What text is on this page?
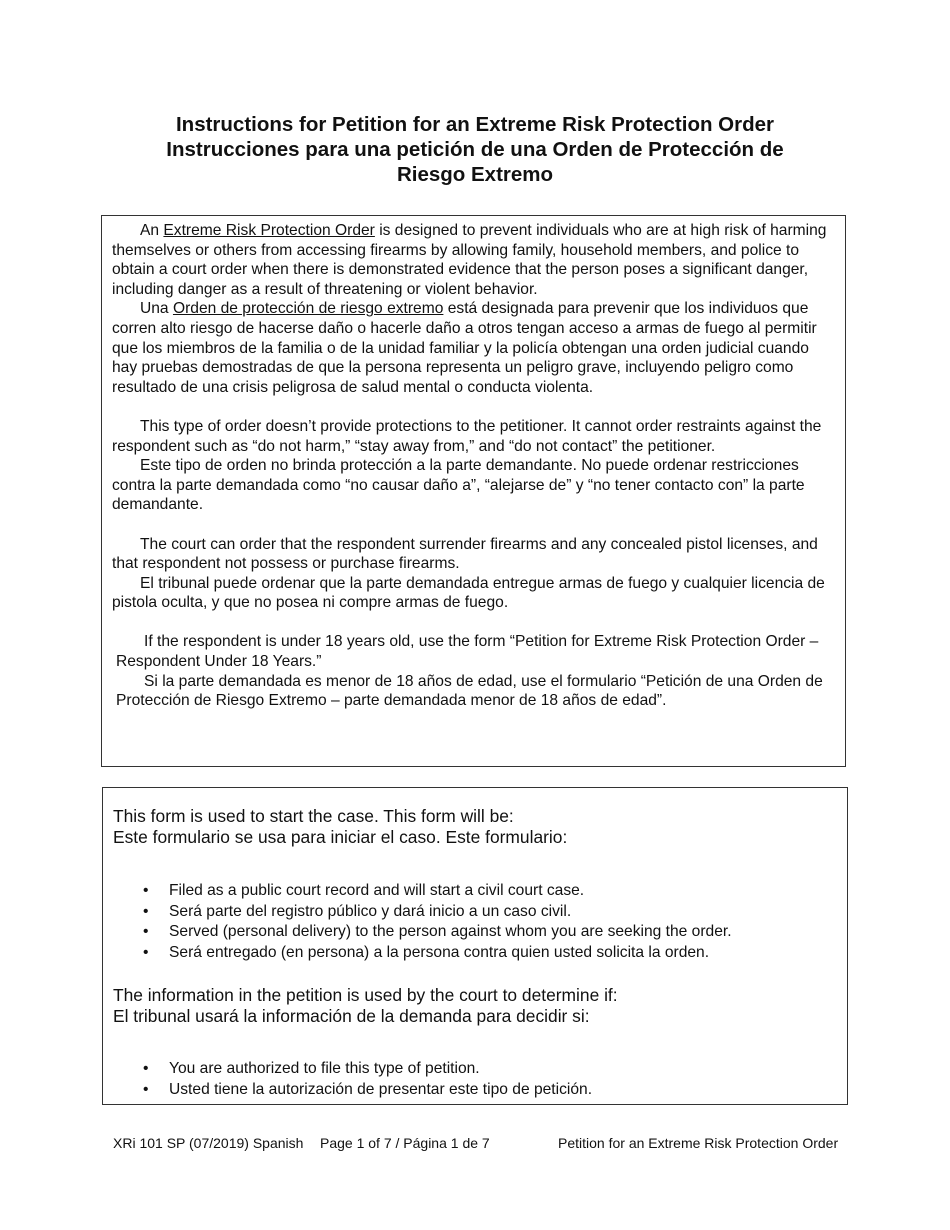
Instructions for Petition for an Extreme Risk Protection Order
Instrucciones para una petición de una Orden de Protección de
Riesgo Extremo

An Extreme Risk Protection Order is designed to prevent individuals who are at high risk of harming themselves or others from accessing firearms by allowing family, household members, and police to obtain a court order when there is demonstrated evidence that the person poses a significant danger, including danger as a result of threatening or violent behavior.

Una Orden de protección de riesgo extremo está designada para prevenir que los individuos que corren alto riesgo de hacerse daño o hacerle daño a otros tengan acceso a armas de fuego al permitir que los miembros de la familia o de la unidad familiar y la policía obtengan una orden judicial cuando hay pruebas demostradas de que la persona representa un peligro grave, incluyendo peligro como resultado de una crisis peligrosa de salud mental o conducta violenta.

This type of order doesn’t provide protections to the petitioner. It cannot order restraints against the respondent such as “do not harm,” “stay away from,” and “do not contact” the petitioner.

Este tipo de orden no brinda protección a la parte demandante. No puede ordenar restricciones contra la parte demandada como “no causar daño a”, “alejarse de” y “no tener contacto con” la parte demandante.

The court can order that the respondent surrender firearms and any concealed pistol licenses, and that respondent not possess or purchase firearms.

El tribunal puede ordenar que la parte demandada entregue armas de fuego y cualquier licencia de pistola oculta, y que no posea ni compre armas de fuego.

If the respondent is under 18 years old, use the form “Petition for Extreme Risk Protection Order – Respondent Under 18 Years.”

Si la parte demandada es menor de 18 años de edad, use el formulario “Petición de una Orden de Protección de Riesgo Extremo – parte demandada menor de 18 años de edad”.

This form is used to start the case. This form will be:
Este formulario se usa para iniciar el caso. Este formulario:
• Filed as a public court record and will start a civil court case.
• Será parte del registro público y dará inicio a un caso civil.
• Served (personal delivery) to the person against whom you are seeking the order.
• Será entregado (en persona) a la persona contra quien usted solicita la orden.
The information in the petition is used by the court to determine if:
El tribunal usará la información de la demanda para decidir si:
• You are authorized to file this type of petition.
• Usted tiene la autorización de presentar este tipo de petición.
XRi 101 SP (07/2019) Spanish Page 1 of 7 / Página 1 de 7	Petition for an Extreme Risk Protection Order
